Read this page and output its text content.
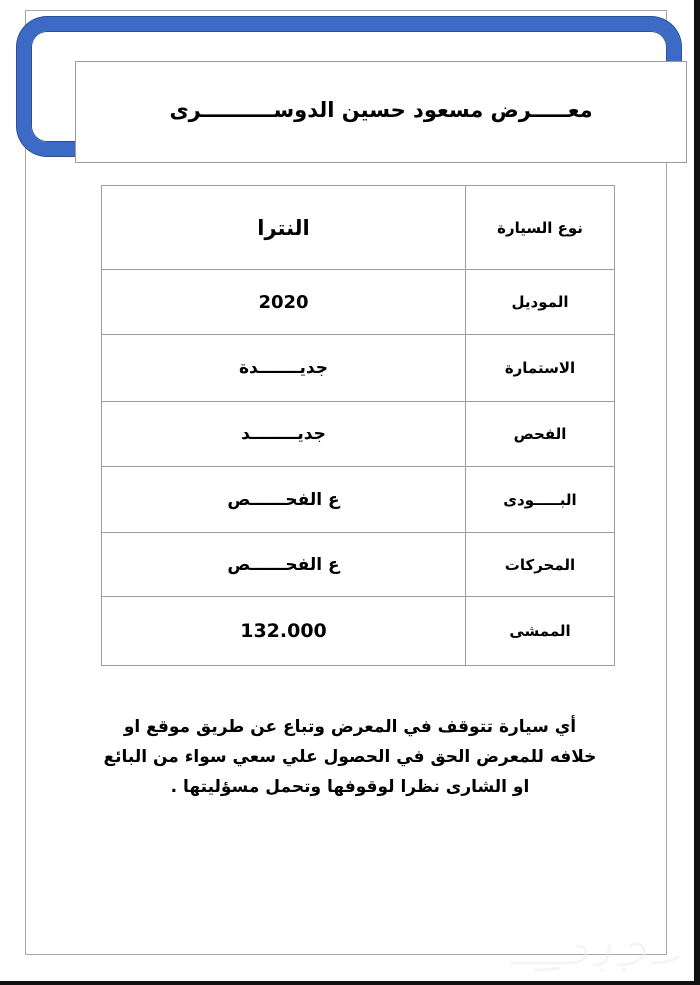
معـــــرض مسعود حسين الدوســــــــــرى
نوع السيارة	النترا
الموديل	2020
الاستمارة	جديـــــــدة
الفحص	جديــــــــد
البـــــودى	ع الفحــــــص
المحركات	ع الفحــــــص
الممشى	132.000
أي سيارة تتوقف في المعرض وتباع عن طريق موقع او خلافه للمعرض الحق في الحصول علي سعي سواء من البائع او الشارى نظرا لوقوفها وتحمل مسؤليتها .
